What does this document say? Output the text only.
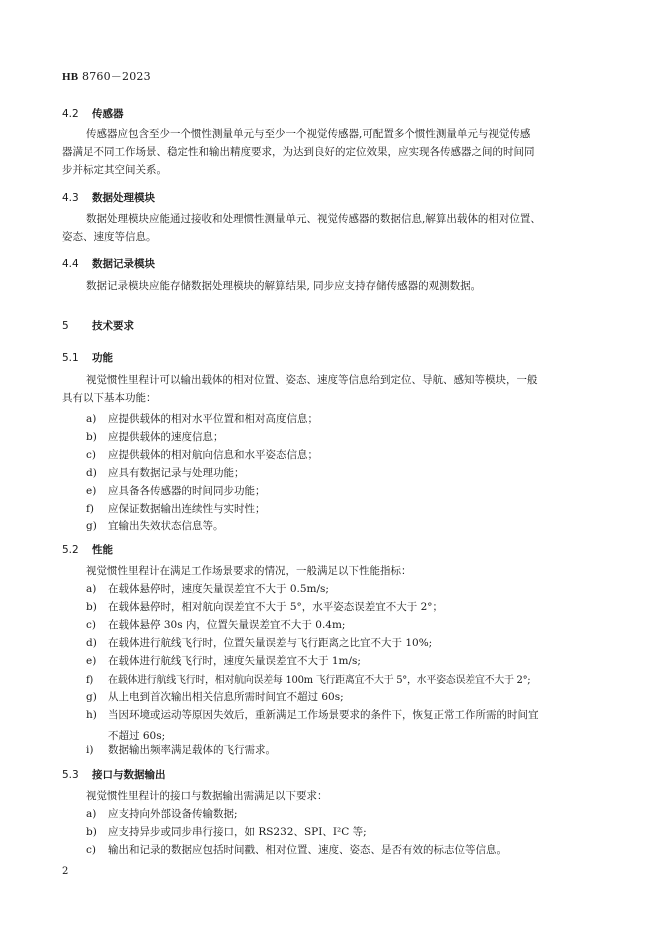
HB 8760－2023
4.2 传感器
传感器应包含至少一个惯性测量单元与至少一个视觉传感器,可配置多个惯性测量单元与视觉传感
器满足不同工作场景、稳定性和输出精度要求，为达到良好的定位效果，应实现各传感器之间的时间同
步并标定其空间关系。
4.3 数据处理模块
数据处理模块应能通过接收和处理惯性测量单元、视觉传感器的数据信息,解算出载体的相对位置、
姿态、速度等信息。
4.4 数据记录模块
数据记录模块应能存储数据处理模块的解算结果, 同步应支持存储传感器的观测数据。
5 技术要求
5.1 功能
视觉惯性里程计可以输出载体的相对位置、姿态、速度等信息给到定位、导航、感知等模块，一般
具有以下基本功能：
a) 应提供载体的相对水平位置和相对高度信息；
b) 应提供载体的速度信息；
c) 应提供载体的相对航向信息和水平姿态信息；
d) 应具有数据记录与处理功能；
e) 应具备各传感器的时间同步功能；
f) 应保证数据输出连续性与实时性；
g) 宜输出失效状态信息等。
5.2 性能
视觉惯性里程计在满足工作场景要求的情况，一般满足以下性能指标：
a) 在载体悬停时，速度矢量误差宜不大于 0.5m/s;
b) 在载体悬停时，相对航向误差宜不大于 5°，水平姿态误差宜不大于 2°；
c) 在载体悬停 30s 内，位置矢量误差宜不大于 0.4m;
d) 在载体进行航线飞行时，位置矢量误差与飞行距离之比宜不大于 10%;
e) 在载体进行航线飞行时，速度矢量误差宜不大于 1m/s;
f) 在载体进行航线飞行时，相对航向误差每 100m 飞行距离宜不大于 5°，水平姿态误差宜不大于 2°;
g) 从上电到首次输出相关信息所需时间宜不超过 60s;
h) 当因环境或运动等原因失效后，重新满足工作场景要求的条件下，恢复正常工作所需的时间宜
不超过 60s;
i) 数据输出频率满足载体的飞行需求。
5.3 接口与数据输出
视觉惯性里程计的接口与数据输出需满足以下要求：
a) 应支持向外部设备传输数据;
b) 应支持异步或同步串行接口，如 RS232、SPI、I²C 等;
c) 输出和记录的数据应包括时间戳、相对位置、速度、姿态、是否有效的标志位等信息。
2
